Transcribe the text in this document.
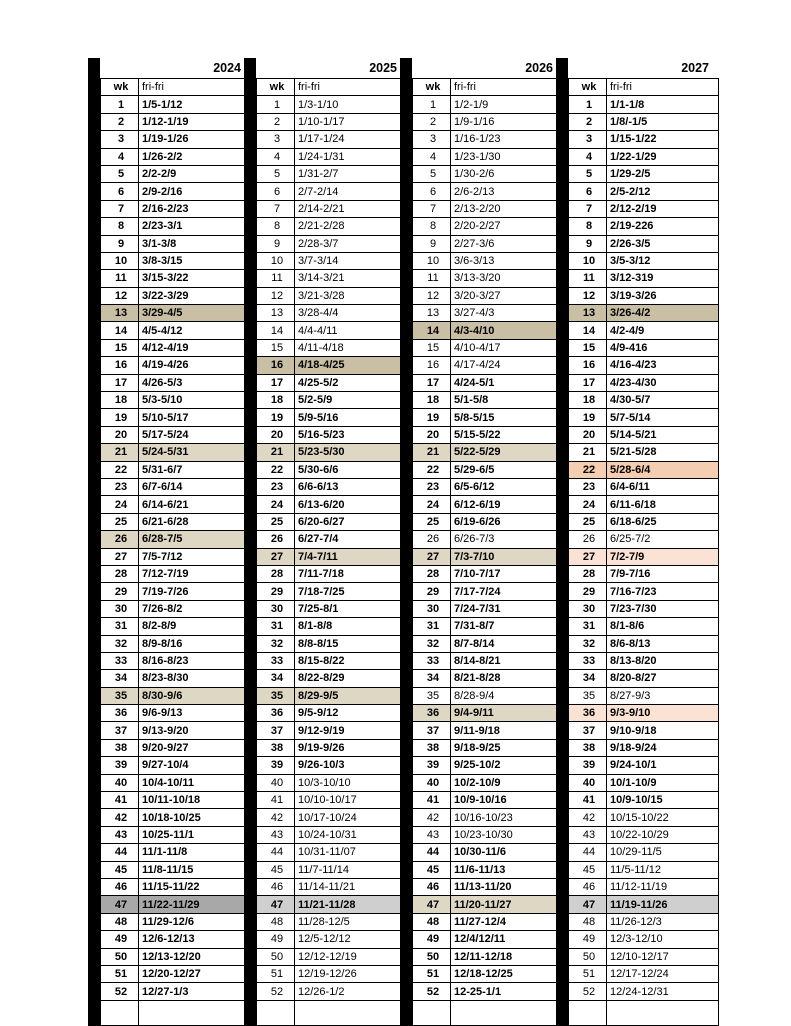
2024
wk	fri-fri
1	1/5-1/12
2	1/12-1/19
3	1/19-1/26
4	1/26-2/2
5	2/2-2/9
6	2/9-2/16
7	2/16-2/23
8	2/23-3/1
9	3/1-3/8
10	3/8-3/15
11	3/15-3/22
12	3/22-3/29
13	3/29-4/5
14	4/5-4/12
15	4/12-4/19
16	4/19-4/26
17	4/26-5/3
18	5/3-5/10
19	5/10-5/17
20	5/17-5/24
21	5/24-5/31
22	5/31-6/7
23	6/7-6/14
24	6/14-6/21
25	6/21-6/28
26	6/28-7/5
27	7/5-7/12
28	7/12-7/19
29	7/19-7/26
30	7/26-8/2
31	8/2-8/9
32	8/9-8/16
33	8/16-8/23
34	8/23-8/30
35	8/30-9/6
36	9/6-9/13
37	9/13-9/20
38	9/20-9/27
39	9/27-10/4
40	10/4-10/11
41	10/11-10/18
42	10/18-10/25
43	10/25-11/1
44	11/1-11/8
45	11/8-11/15
46	11/15-11/22
47	11/22-11/29
48	11/29-12/6
49	12/6-12/13
50	12/13-12/20
51	12/20-12/27
52	12/27-1/3

2025
wk	fri-fri
1	1/3-1/10
2	1/10-1/17
3	1/17-1/24
4	1/24-1/31
5	1/31-2/7
6	2/7-2/14
7	2/14-2/21
8	2/21-2/28
9	2/28-3/7
10	3/7-3/14
11	3/14-3/21
12	3/21-3/28
13	3/28-4/4
14	4/4-4/11
15	4/11-4/18
16	4/18-4/25
17	4/25-5/2
18	5/2-5/9
19	5/9-5/16
20	5/16-5/23
21	5/23-5/30
22	5/30-6/6
23	6/6-6/13
24	6/13-6/20
25	6/20-6/27
26	6/27-7/4
27	7/4-7/11
28	7/11-7/18
29	7/18-7/25
30	7/25-8/1
31	8/1-8/8
32	8/8-8/15
33	8/15-8/22
34	8/22-8/29
35	8/29-9/5
36	9/5-9/12
37	9/12-9/19
38	9/19-9/26
39	9/26-10/3
40	10/3-10/10
41	10/10-10/17
42	10/17-10/24
43	10/24-10/31
44	10/31-11/07
45	11/7-11/14
46	11/14-11/21
47	11/21-11/28
48	11/28-12/5
49	12/5-12/12
50	12/12-12/19
51	12/19-12/26
52	12/26-1/2

2026
wk	fri-fri
1	1/2-1/9
2	1/9-1/16
3	1/16-1/23
4	1/23-1/30
5	1/30-2/6
6	2/6-2/13
7	2/13-2/20
8	2/20-2/27
9	2/27-3/6
10	3/6-3/13
11	3/13-3/20
12	3/20-3/27
13	3/27-4/3
14	4/3-4/10
15	4/10-4/17
16	4/17-4/24
17	4/24-5/1
18	5/1-5/8
19	5/8-5/15
20	5/15-5/22
21	5/22-5/29
22	5/29-6/5
23	6/5-6/12
24	6/12-6/19
25	6/19-6/26
26	6/26-7/3
27	7/3-7/10
28	7/10-7/17
29	7/17-7/24
30	7/24-7/31
31	7/31-8/7
32	8/7-8/14
33	8/14-8/21
34	8/21-8/28
35	8/28-9/4
36	9/4-9/11
37	9/11-9/18
38	9/18-9/25
39	9/25-10/2
40	10/2-10/9
41	10/9-10/16
42	10/16-10/23
43	10/23-10/30
44	10/30-11/6
45	11/6-11/13
46	11/13-11/20
47	11/20-11/27
48	11/27-12/4
49	12/4/12/11
50	12/11-12/18
51	12/18-12/25
52	12-25-1/1

2027
wk	fri-fri
1	1/1-1/8
2	1/8/-1/5
3	1/15-1/22
4	1/22-1/29
5	1/29-2/5
6	2/5-2/12
7	2/12-2/19
8	2/19-226
9	2/26-3/5
10	3/5-3/12
11	3/12-319
12	3/19-3/26
13	3/26-4/2
14	4/2-4/9
15	4/9-416
16	4/16-4/23
17	4/23-4/30
18	4/30-5/7
19	5/7-5/14
20	5/14-5/21
21	5/21-5/28
22	5/28-6/4
23	6/4-6/11
24	6/11-6/18
25	6/18-6/25
26	6/25-7/2
27	7/2-7/9
28	7/9-7/16
29	7/16-7/23
30	7/23-7/30
31	8/1-8/6
32	8/6-8/13
33	8/13-8/20
34	8/20-8/27
35	8/27-9/3
36	9/3-9/10
37	9/10-9/18
38	9/18-9/24
39	9/24-10/1
40	10/1-10/9
41	10/9-10/15
42	10/15-10/22
43	10/22-10/29
44	10/29-11/5
45	11/5-11/12
46	11/12-11/19
47	11/19-11/26
48	11/26-12/3
49	12/3-12/10
50	12/10-12/17
51	12/17-12/24
52	12/24-12/31
